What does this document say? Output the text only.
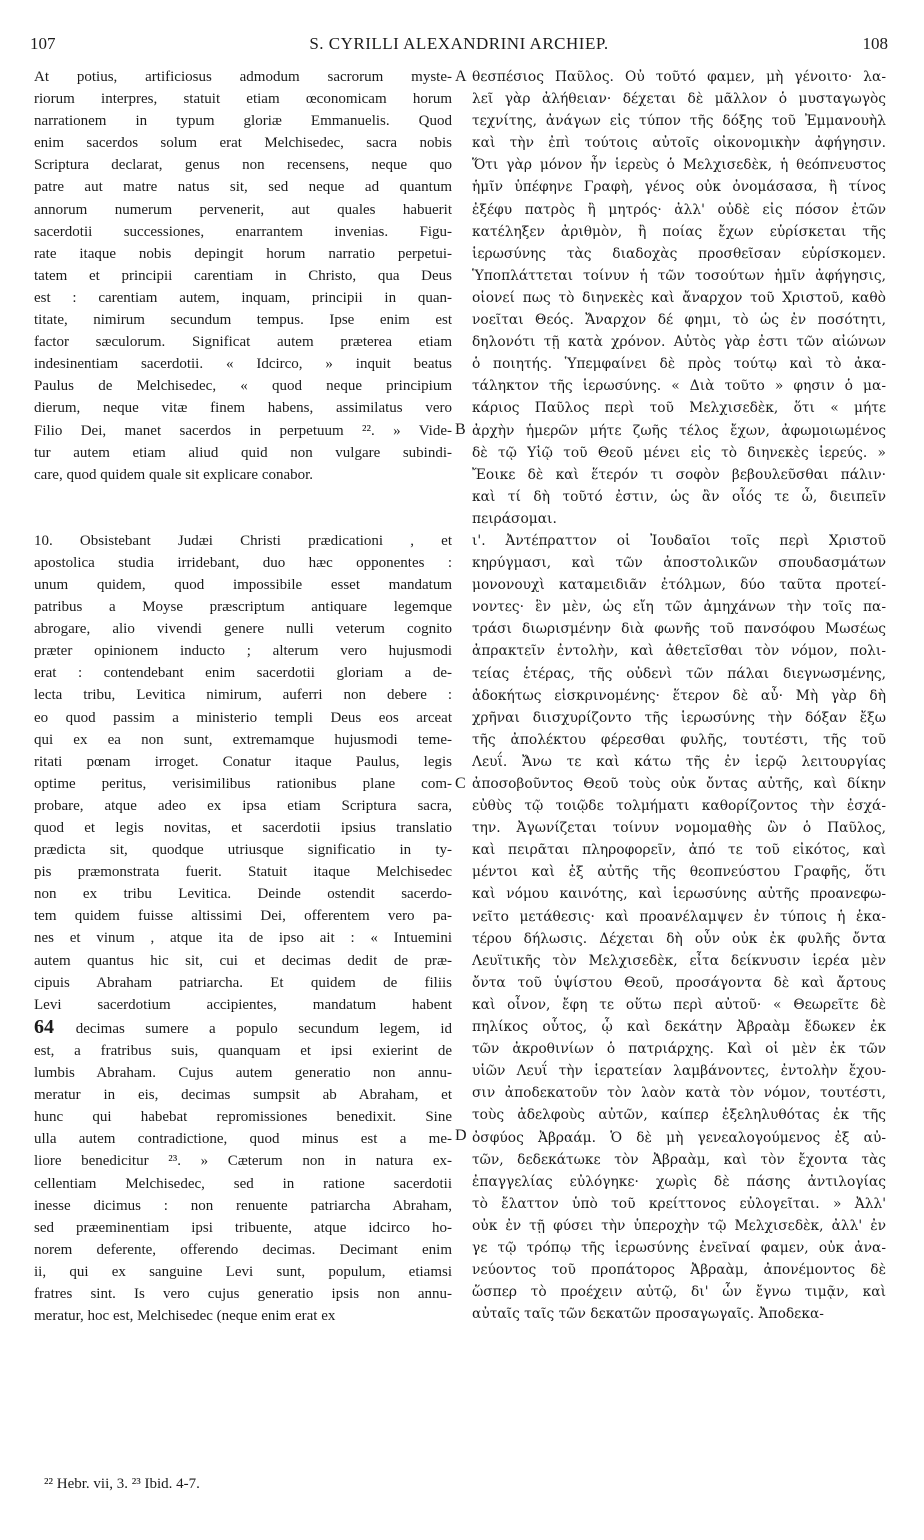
107	S. CYRILLI ALEXANDRINI ARCHIEP.	108
At potius, artificiosus admodum sacrorum myste-
riorum interpres, statuit etiam œconomicam horum
narrationem in typum gloriæ Emmanuelis. Quod
enim sacerdos solum erat Melchisedec, sacra nobis
Scriptura declarat, genus non recensens, neque quo
patre aut matre natus sit, sed neque ad quantum
annorum numerum pervenerit, aut quales habuerit
sacerdotii successiones, enarrantem invenias. Figu-
rate itaque nobis depingit horum narratio perpetui-
tatem et principii carentiam in Christo, qua Deus
est : carentiam autem, inquam, principii in quan-
titate, nimirum secundum tempus. Ipse enim est
factor sæculorum. Significat autem præterea etiam
indesinentiam sacerdotii. « Idcirco, » inquit beatus
Paulus de Melchisedec, « quod neque principium
dierum, neque vitæ finem habens, assimilatus vero
Filio Dei, manet sacerdos in perpetuum ²². » Vide-
tur autem etiam aliud quid non vulgare subindi-
care, quod quidem quale sit explicare conabor.
10. Obsistebant Judæi Christi prædicationi , et
apostolica studia irridebant, duo hæc opponentes :
unum quidem, quod impossibile esset mandatum
patribus a Moyse præscriptum antiquare legemque
abrogare, alio vivendi genere nulli veterum cognito
præter opinionem inducto ; alterum vero hujusmodi
erat : contendebant enim sacerdotii gloriam a de-
lecta tribu, Levitica nimirum, auferri non debere :
eo quod passim a ministerio templi Deus eos arceat
qui ex ea non sunt, extremamque hujusmodi teme-
ritati pœnam irroget. Conatur itaque Paulus, legis
optime peritus, verisimilibus rationibus plane com-
probare, atque adeo ex ipsa etiam Scriptura sacra,
quod et legis novitas, et sacerdotii ipsius translatio
prædicta sit, quodque utriusque significatio in ty-
pis præmonstrata fuerit. Statuit itaque Melchisedec
non ex tribu Levitica. Deinde ostendit sacerdo-
tem quidem fuisse altissimi Dei, offerentem vero pa-
nes et vinum , atque ita de ipso ait : « Intuemini
autem quantus hic sit, cui et decimas dedit de præ-
cipuis Abraham patriarcha. Et quidem de filiis
Levi sacerdotium accipientes, mandatum habent
64 decimas sumere a populo secundum legem, id
est, a fratribus suis, quanquam et ipsi exierint de
lumbis Abraham. Cujus autem generatio non annu-
meratur in eis, decimas sumpsit ab Abraham, et
hunc qui habebat repromissiones benedixit. Sine
ulla autem contradictione, quod minus est a me-
liore benedicitur ²³. » Cæterum non in natura ex-
cellentiam Melchisedec, sed in ratione sacerdotii
inesse dicimus : non renuente patriarcha Abraham,
sed præeminentiam ipsi tribuente, atque idcirco ho-
norem deferente, offerendo decimas. Decimant enim
ii, qui ex sanguine Levi sunt, populum, etiamsi
fratres sint. Is vero cujus generatio ipsis non annu-
meratur, hoc est, Melchisedec (neque enim erat ex
θεσπέσιος Παῦλος. Οὐ τοῦτό φαμεν, μὴ γένοιτο· λα-
λεῖ γὰρ ἀλήθειαν· δέχεται δὲ μᾶλλον ὁ μυσταγωγὸς
τεχνίτης, ἀνάγων εἰς τύπον τῆς δόξης τοῦ Ἐμμανουὴλ
καὶ τὴν ἐπὶ τούτοις αὐτοῖς οἰκονομικὴν ἀφήγησιν.
Ὅτι γὰρ μόνον ἦν ἱερεὺς ὁ Μελχισεδὲκ, ἡ θεόπνευστος
ἡμῖν ὑπέφηνε Γραφὴ, γένος οὐκ ὀνομάσασα, ἢ τίνος
ἐξέφυ πατρὸς ἢ μητρός· ἀλλ' οὐδὲ εἰς πόσον ἐτῶν
κατέληξεν ἀριθμὸν, ἢ ποίας ἔχων εὑρίσκεται τῆς
ἱερωσύνης τὰς διαδοχὰς προσθεῖσαν εὑρίσκομεν.
Ὑποπλάττεται τοίνυν ἡ τῶν τοσούτων ἡμῖν ἀφήγησις,
οἱονεί πως τὸ διηνεκὲς καὶ ἄναρχον τοῦ Χριστοῦ, καθὸ
νοεῖται Θεός. Ἄναρχον δέ φημι, τὸ ὡς ἐν ποσότητι,
δηλονότι τῇ κατὰ χρόνον. Αὐτὸς γὰρ ἐστι τῶν αἰώνων
ὁ ποιητής. Ὑπεμφαίνει δὲ πρὸς τούτῳ καὶ τὸ ἀκα-
τάληκτον τῆς ἱερωσύνης. « Διὰ τοῦτο » φησιν ὁ μα-
κάριος Παῦλος περὶ τοῦ Μελχισεδὲκ, ὅτι « μήτε
ἀρχὴν ἡμερῶν μήτε ζωῆς τέλος ἔχων, ἀφωμοιωμένος
δὲ τῷ Υἱῷ τοῦ Θεοῦ μένει εἰς τὸ διηνεκὲς ἱερεύς. »
Ἔοικε δὲ καὶ ἕτερόν τι σοφὸν βεβουλεῦσθαι πάλιν·
καὶ τί δὴ τοῦτό ἐστιν, ὡς ἂν οἷός τε ὦ, διειπεῖν
πειράσομαι.
ι'. Ἀντέπραττον οἱ Ἰουδαῖοι τοῖς περὶ Χριστοῦ
κηρύγμασι, καὶ τῶν ἀποστολικῶν σπουδασμάτων
μονονουχὶ καταμειδιᾶν ἐτόλμων, δύο ταῦτα προτεί-
νοντες· ἓν μὲν, ὡς εἴη τῶν ἀμηχάνων τὴν τοῖς πα-
τράσι διωρισμένην διὰ φωνῆς τοῦ πανσόφου Μωσέως
ἀπρακτεῖν ἐντολὴν, καὶ ἀθετεῖσθαι τὸν νόμον, πολι-
τείας ἑτέρας, τῆς οὐδενὶ τῶν πάλαι διεγνωσμένης,
ἀδοκήτως εἰσκρινομένης· ἕτερον δὲ αὖ· Μὴ γὰρ δὴ
χρῆναι διισχυρίζοντο τῆς ἱερωσύνης τὴν δόξαν ἔξω
τῆς ἀπολέκτου φέρεσθαι φυλῆς, τουτέστι, τῆς τοῦ
Λευΐ. Ἄνω τε καὶ κάτω τῆς ἐν ἱερῷ λειτουργίας
ἀποσοβοῦντος Θεοῦ τοὺς οὐκ ὄντας αὐτῆς, καὶ δίκην
εὐθὺς τῷ τοιῷδε τολμήματι καθορίζοντος τὴν ἐσχά-
την. Ἀγωνίζεται τοίνυν νομομαθὴς ὢν ὁ Παῦλος,
καὶ πειρᾶται πληροφορεῖν, ἀπό τε τοῦ εἰκότος, καὶ
μέντοι καὶ ἐξ αὐτῆς τῆς θεοπνεύστου Γραφῆς, ὅτι
καὶ νόμου καινότης, καὶ ἱερωσύνης αὐτῆς προανεφω-
νεῖτο μετάθεσις· καὶ προανέλαμψεν ἐν τύποις ἡ ἑκα-
τέρου δήλωσις. Δέχεται δὴ οὖν οὐκ ἐκ φυλῆς ὄντα
Λευϊτικῆς τὸν Μελχισεδὲκ, εἶτα δείκνυσιν ἱερέα μὲν
ὄντα τοῦ ὑψίστου Θεοῦ, προσάγοντα δὲ καὶ ἄρτους
καὶ οἶνον, ἔφη τε οὕτω περὶ αὐτοῦ· « Θεωρεῖτε δὲ
πηλίκος οὗτος, ᾧ καὶ δεκάτην Ἀβραὰμ ἔδωκεν ἐκ
τῶν ἀκροθινίων ὁ πατριάρχης. Καὶ οἱ μὲν ἐκ τῶν
υἱῶν Λευΐ τὴν ἱερατείαν λαμβάνοντες, ἐντολὴν ἔχου-
σιν ἀποδεκατοῦν τὸν λαὸν κατὰ τὸν νόμον, τουτέστι,
τοὺς ἀδελφοὺς αὐτῶν, καίπερ ἐξεληλυθότας ἐκ τῆς
ὀσφύος Ἀβραάμ. Ὁ δὲ μὴ γενεαλογούμενος ἐξ αὐ-
τῶν, δεδεκάτωκε τὸν Ἀβραὰμ, καὶ τὸν ἔχοντα τὰς
ἐπαγγελίας εὐλόγηκε· χωρὶς δὲ πάσης ἀντιλογίας
τὸ ἔλαττον ὑπὸ τοῦ κρείττονος εὐλογεῖται. » Ἀλλ'
οὐκ ἐν τῇ φύσει τὴν ὑπεροχὴν τῷ Μελχισεδὲκ, ἀλλ' ἐν
γε τῷ τρόπῳ τῆς ἱερωσύνης ἐνεῖναί φαμεν, οὐκ ἀνα-
νεύοντος τοῦ προπάτορος Ἀβραὰμ, ἀπονέμοντος δὲ
ὥσπερ τὸ προέχειν αὐτῷ, δι' ὧν ἔγνω τιμᾷν, καὶ
αὐταῖς ταῖς τῶν δεκατῶν προσαγωγαῖς. Ἀποδεκα-
A
B
C
D
²² Hebr. vii, 3. ²³ Ibid. 4-7.
